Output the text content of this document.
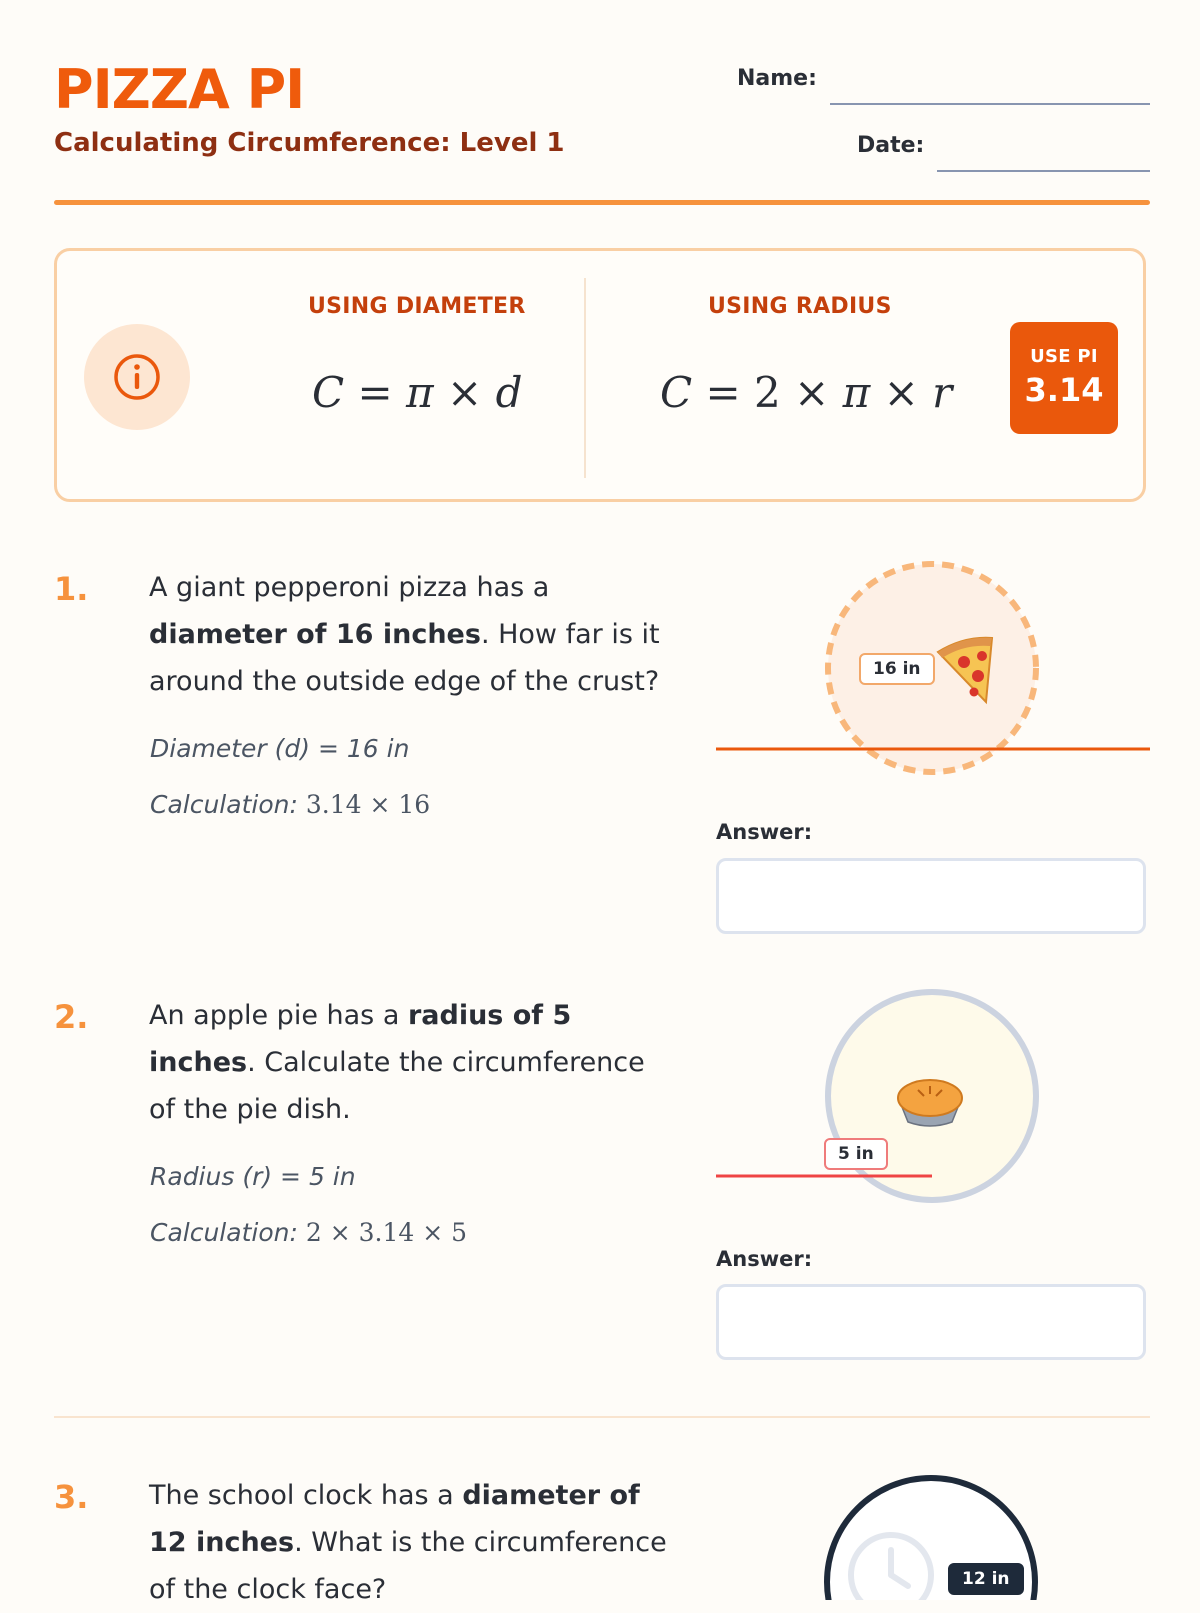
PIZZA PI
Calculating Circumference: Level 1
Name:
Date:
USING DIAMETER
C = π × d
USING RADIUS
C = 2 × π × r
USE PI
3.14
1. A giant pepperoni pizza has a diameter of 16 inches. How far is it around the outside edge of the crust?
Diameter (d) = 16 in
Calculation: 3.14 × 16
16 in
Answer:
2. An apple pie has a radius of 5 inches. Calculate the circumference of the pie dish.
Radius (r) = 5 in
Calculation: 2 × 3.14 × 5
5 in
Answer:
3. The school clock has a diameter of 12 inches. What is the circumference of the clock face?	12 in
